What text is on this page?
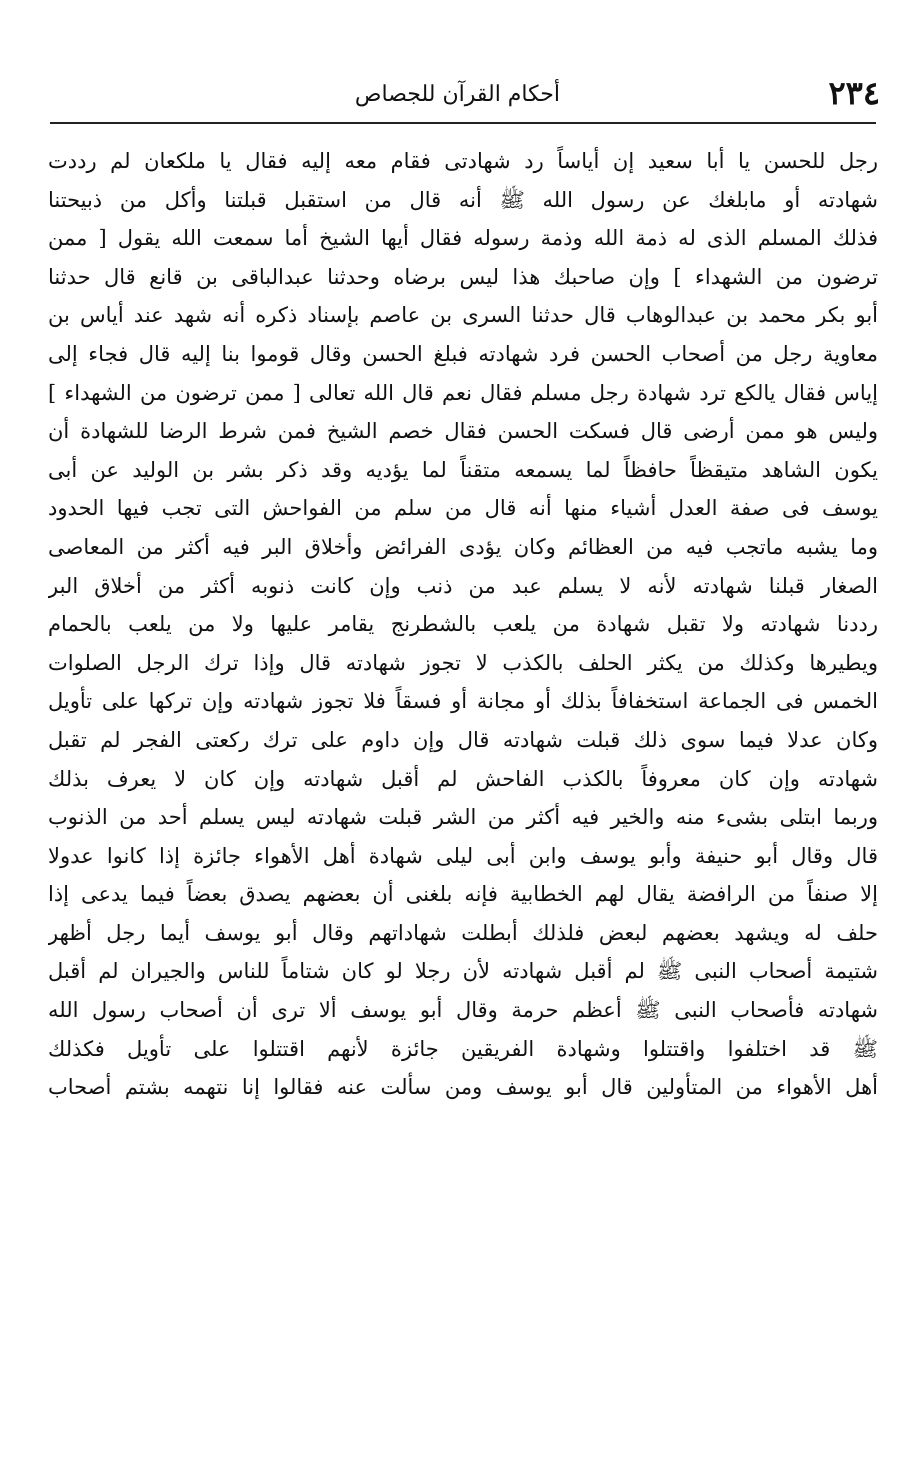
٢٣٤
أحكام القرآن للجصاص
رجل للحسن يا أبا سعيد إن أياساً رد شهادتى فقام معه إليه فقال يا ملكعان لم رددت
شهادته أو مابلغك عن رسول الله ﷺ أنه قال من استقبل قبلتنا وأكل من ذبيحتنا
فذلك المسلم الذى له ذمة الله وذمة رسوله فقال أيها الشيخ أما سمعت الله يقول [ ممن
ترضون من الشهداء ] وإن صاحبك هذا ليس برضاه وحدثنا عبدالباقى بن قانع قال حدثنا
أبو بكر محمد بن عبدالوهاب قال حدثنا السرى بن عاصم بإسناد ذكره أنه شهد عند أياس بن
معاوية رجل من أصحاب الحسن فرد شهادته فبلغ الحسن وقال قوموا بنا إليه قال فجاء إلى
إياس فقال يالكع ترد شهادة رجل مسلم فقال نعم قال الله تعالى [ ممن ترضون من الشهداء ]
وليس هو ممن أرضى قال فسكت الحسن فقال خصم الشيخ فمن شرط الرضا للشهادة أن
يكون الشاهد متيقظاً حافظاً لما يسمعه متقناً لما يؤديه وقد ذكر بشر بن الوليد عن أبى
يوسف فى صفة العدل أشياء منها أنه قال من سلم من الفواحش التى تجب فيها الحدود
وما يشبه ماتجب فيه من العظائم وكان يؤدى الفرائض وأخلاق البر فيه أكثر من المعاصى
الصغار قبلنا شهادته لأنه لا يسلم عبد من ذنب وإن كانت ذنوبه أكثر من أخلاق البر
رددنا شهادته ولا تقبل شهادة من يلعب بالشطرنج يقامر عليها ولا من يلعب بالحمام
ويطيرها وكذلك من يكثر الحلف بالكذب لا تجوز شهادته قال وإذا ترك الرجل الصلوات
الخمس فى الجماعة استخفافاً بذلك أو مجانة أو فسقاً فلا تجوز شهادته وإن تركها على تأويل
وكان عدلا فيما سوى ذلك قبلت شهادته قال وإن داوم على ترك ركعتى الفجر لم تقبل
شهادته وإن كان معروفاً بالكذب الفاحش لم أقبل شهادته وإن كان لا يعرف بذلك
وربما ابتلى بشىء منه والخير فيه أكثر من الشر قبلت شهادته ليس يسلم أحد من الذنوب
قال وقال أبو حنيفة وأبو يوسف وابن أبى ليلى شهادة أهل الأهواء جائزة إذا كانوا عدولا
إلا صنفاً من الرافضة يقال لهم الخطابية فإنه بلغنى أن بعضهم يصدق بعضاً فيما يدعى إذا
حلف له ويشهد بعضهم لبعض فلذلك أبطلت شهاداتهم وقال أبو يوسف أيما رجل أظهر
شتيمة أصحاب النبى ﷺ لم أقبل شهادته لأن رجلا لو كان شتاماً للناس والجيران لم أقبل
شهادته فأصحاب النبى ﷺ أعظم حرمة وقال أبو يوسف ألا ترى أن أصحاب رسول الله
ﷺ قد اختلفوا واقتتلوا وشهادة الفريقين جائزة لأنهم اقتتلوا على تأويل فكذلك
أهل الأهواء من المتأولين قال أبو يوسف ومن سألت عنه فقالوا إنا نتهمه بشتم أصحاب
